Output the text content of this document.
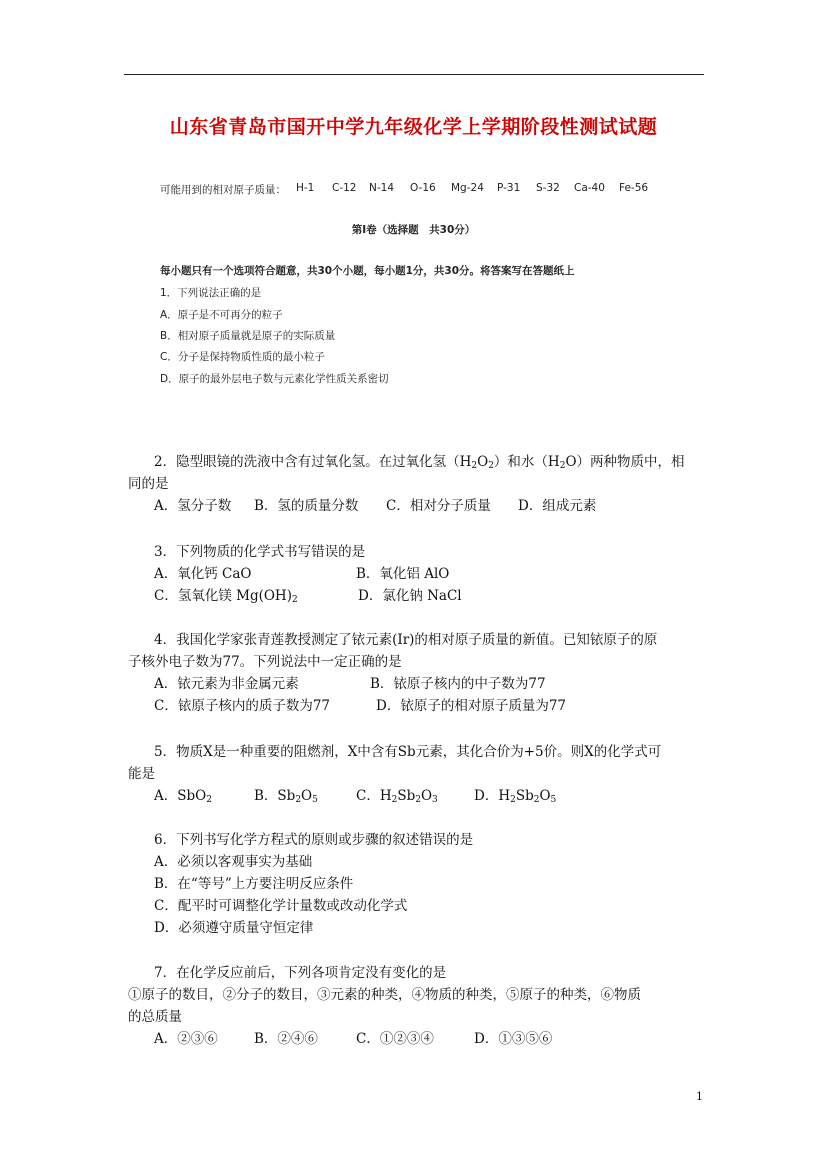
山东省青岛市国开中学九年级化学上学期阶段性测试试题
可能用到的相对原子质量： H-1 C-12 N-14 O-16 Mg-24 P-31 S-32 Ca-40 Fe-56
第Ⅰ卷（选择题　共30分）
每小题只有一个选项符合题意，共30个小题，每小题1分，共30分。将答案写在答题纸上
1．下列说法正确的是
A．原子是不可再分的粒子
B．相对原子质量就是原子的实际质量
C．分子是保持物质性质的最小粒子
D．原子的最外层电子数与元素化学性质关系密切
2．隐型眼镜的洗液中含有过氧化氢。在过氧化氢$(H_2O_2)$和水$(H_2O)$两种物质中，相
同的是
A．氢分子数 B．氢的质量分数 C．相对分子质量 D．组成元素
3．下列物质的化学式书写错误的是
A．氧化钙 CaO	B．氧化铝 AlO
C．氢氧化镁 $Mg(OH)_2$	D．氯化钠 NaCl
4．我国化学家张青莲教授测定了铱元素(Ir)的相对原子质量的新值。已知铱原子的原
子核外电子数为77。下列说法中一定正确的是
A．铱元素为非金属元素	B．铱原子核内的中子数为77
C．铱原子核内的质子数为77	D．铱原子的相对原子质量为77
5．物质X是一种重要的阻燃剂，X中含有Sb元素，其化合价为+5价。则X的化学式可
能是
A．SbO$_2$	B．$Sb_2O_5$	C．$H_2Sb_2O_3$	D．$H_2Sb_2O_5$
6．下列书写化学方程式的原则或步骤的叙述错误的是
A．必须以客观事实为基础
B．在“等号”上方要注明反应条件
C．配平时可调整化学计量数或改动化学式
D．必须遵守质量守恒定律
7．在化学反应前后，下列各项肯定没有变化的是
①原子的数目，②分子的数目，③元素的种类，④物质的种类，⑤原子的种类，⑥物质
的总质量
A．②③⑥	B．②④⑥	C．①②③④	D．①③⑤⑥
1
